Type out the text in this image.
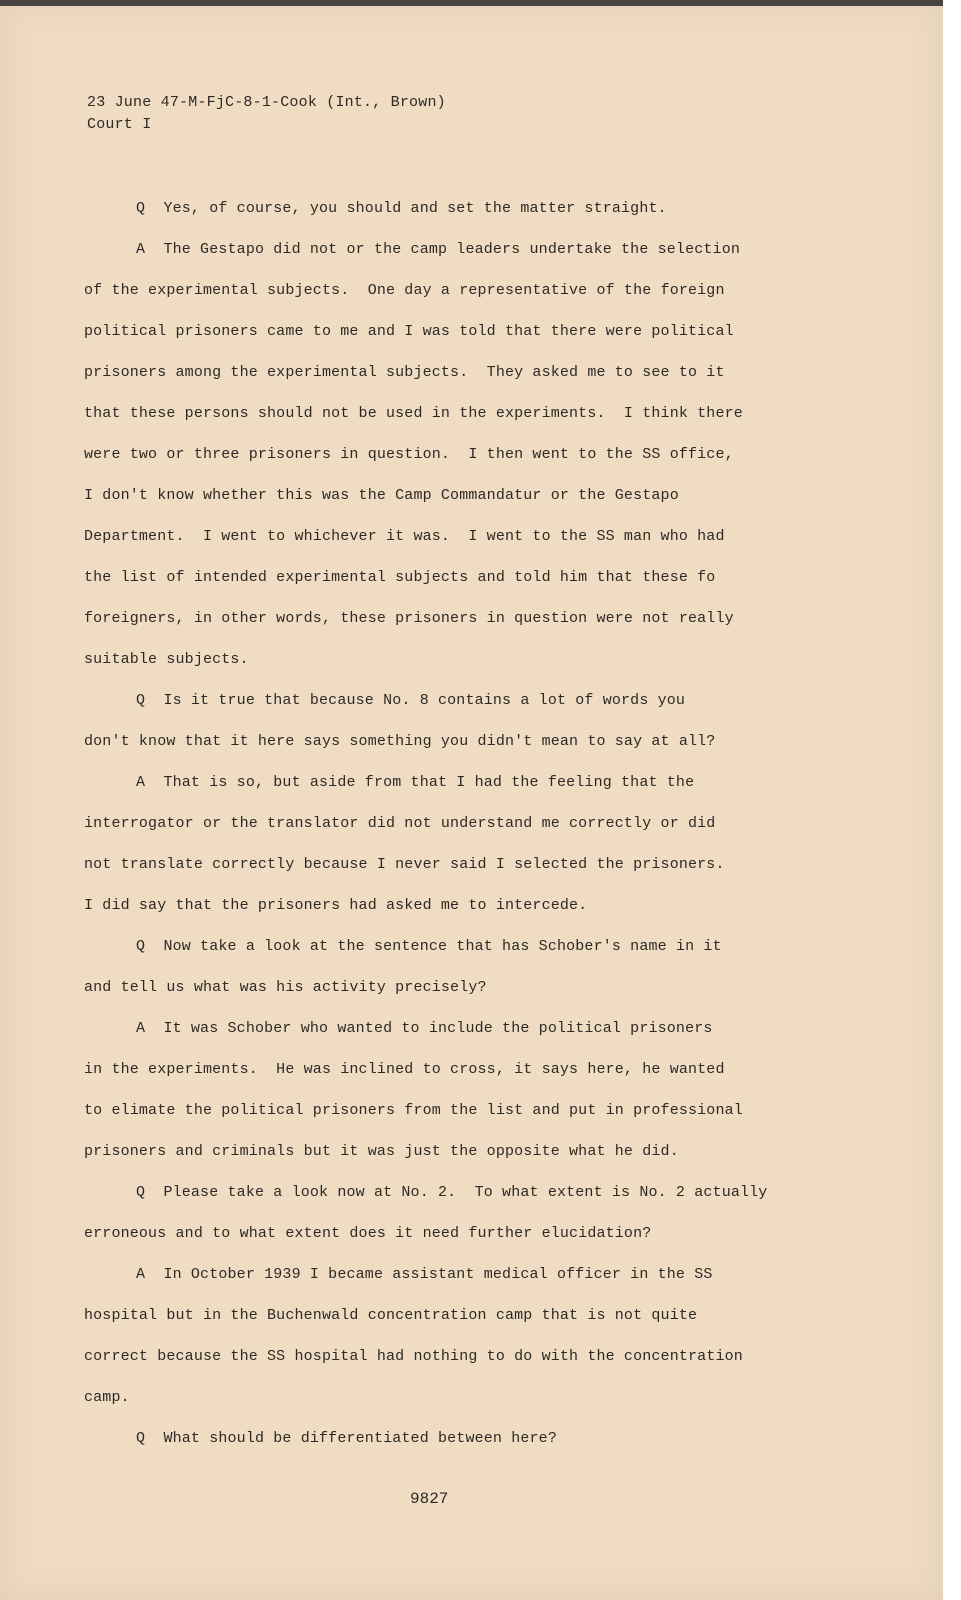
23 June 47-M-FjC-8-1-Cook (Int., Brown)
Court I
Q  Yes, of course, you should and set the matter straight.
A  The Gestapo did not or the camp leaders undertake the selection
of the experimental subjects.  One day a representative of the foreign
political prisoners came to me and I was told that there were political
prisoners among the experimental subjects.  They asked me to see to it
that these persons should not be used in the experiments.  I think there
were two or three prisoners in question.  I then went to the SS office,
I don't know whether this was the Camp Commandatur or the Gestapo
Department.  I went to whichever it was.  I went to the SS man who had
the list of intended experimental subjects and told him that these fo
foreigners, in other words, these prisoners in question were not really
suitable subjects.
Q  Is it true that because No. 8 contains a lot of words you
don't know that it here says something you didn't mean to say at all?
A  That is so, but aside from that I had the feeling that the
interrogator or the translator did not understand me correctly or did
not translate correctly because I never said I selected the prisoners.
I did say that the prisoners had asked me to intercede.
Q  Now take a look at the sentence that has Schober's name in it
and tell us what was his activity precisely?
A  It was Schober who wanted to include the political prisoners
in the experiments.  He was inclined to cross, it says here, he wanted
to elimate the political prisoners from the list and put in professional
prisoners and criminals but it was just the opposite what he did.
Q  Please take a look now at No. 2.  To what extent is No. 2 actually
erroneous and to what extent does it need further elucidation?
A  In October 1939 I became assistant medical officer in the SS
hospital but in the Buchenwald concentration camp that is not quite
correct because the SS hospital had nothing to do with the concentration
camp.
Q  What should be differentiated between here?
9827
